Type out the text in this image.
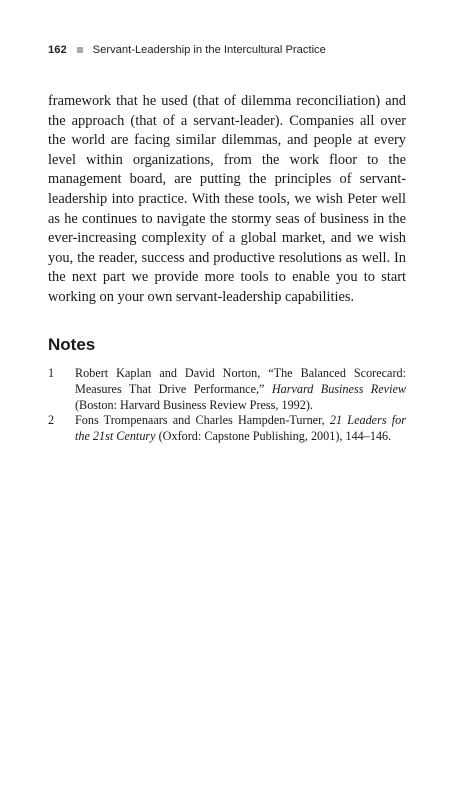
162 Servant-Leadership in the Intercultural Practice

framework that he used (that of dilemma reconciliation) and the approach (that of a servant-leader). Companies all over the world are facing similar dilemmas, and people at every level within organizations, from the work floor to the management board, are putting the principles of servant-leadership into practice. With these tools, we wish Peter well as he continues to navigate the stormy seas of business in the ever-increasing complexity of a global market, and we wish you, the reader, success and productive resolutions as well. In the next part we provide more tools to enable you to start working on your own servant-leadership capabilities.

Notes
1	Robert Kaplan and David Norton, “The Balanced Scorecard: Measures That Drive Performance,” Harvard Business Review (Boston: Harvard Business Review Press, 1992).
2	Fons Trompenaars and Charles Hampden-Turner, 21 Leaders for the 21st Century (Oxford: Capstone Publishing, 2001), 144–146.
